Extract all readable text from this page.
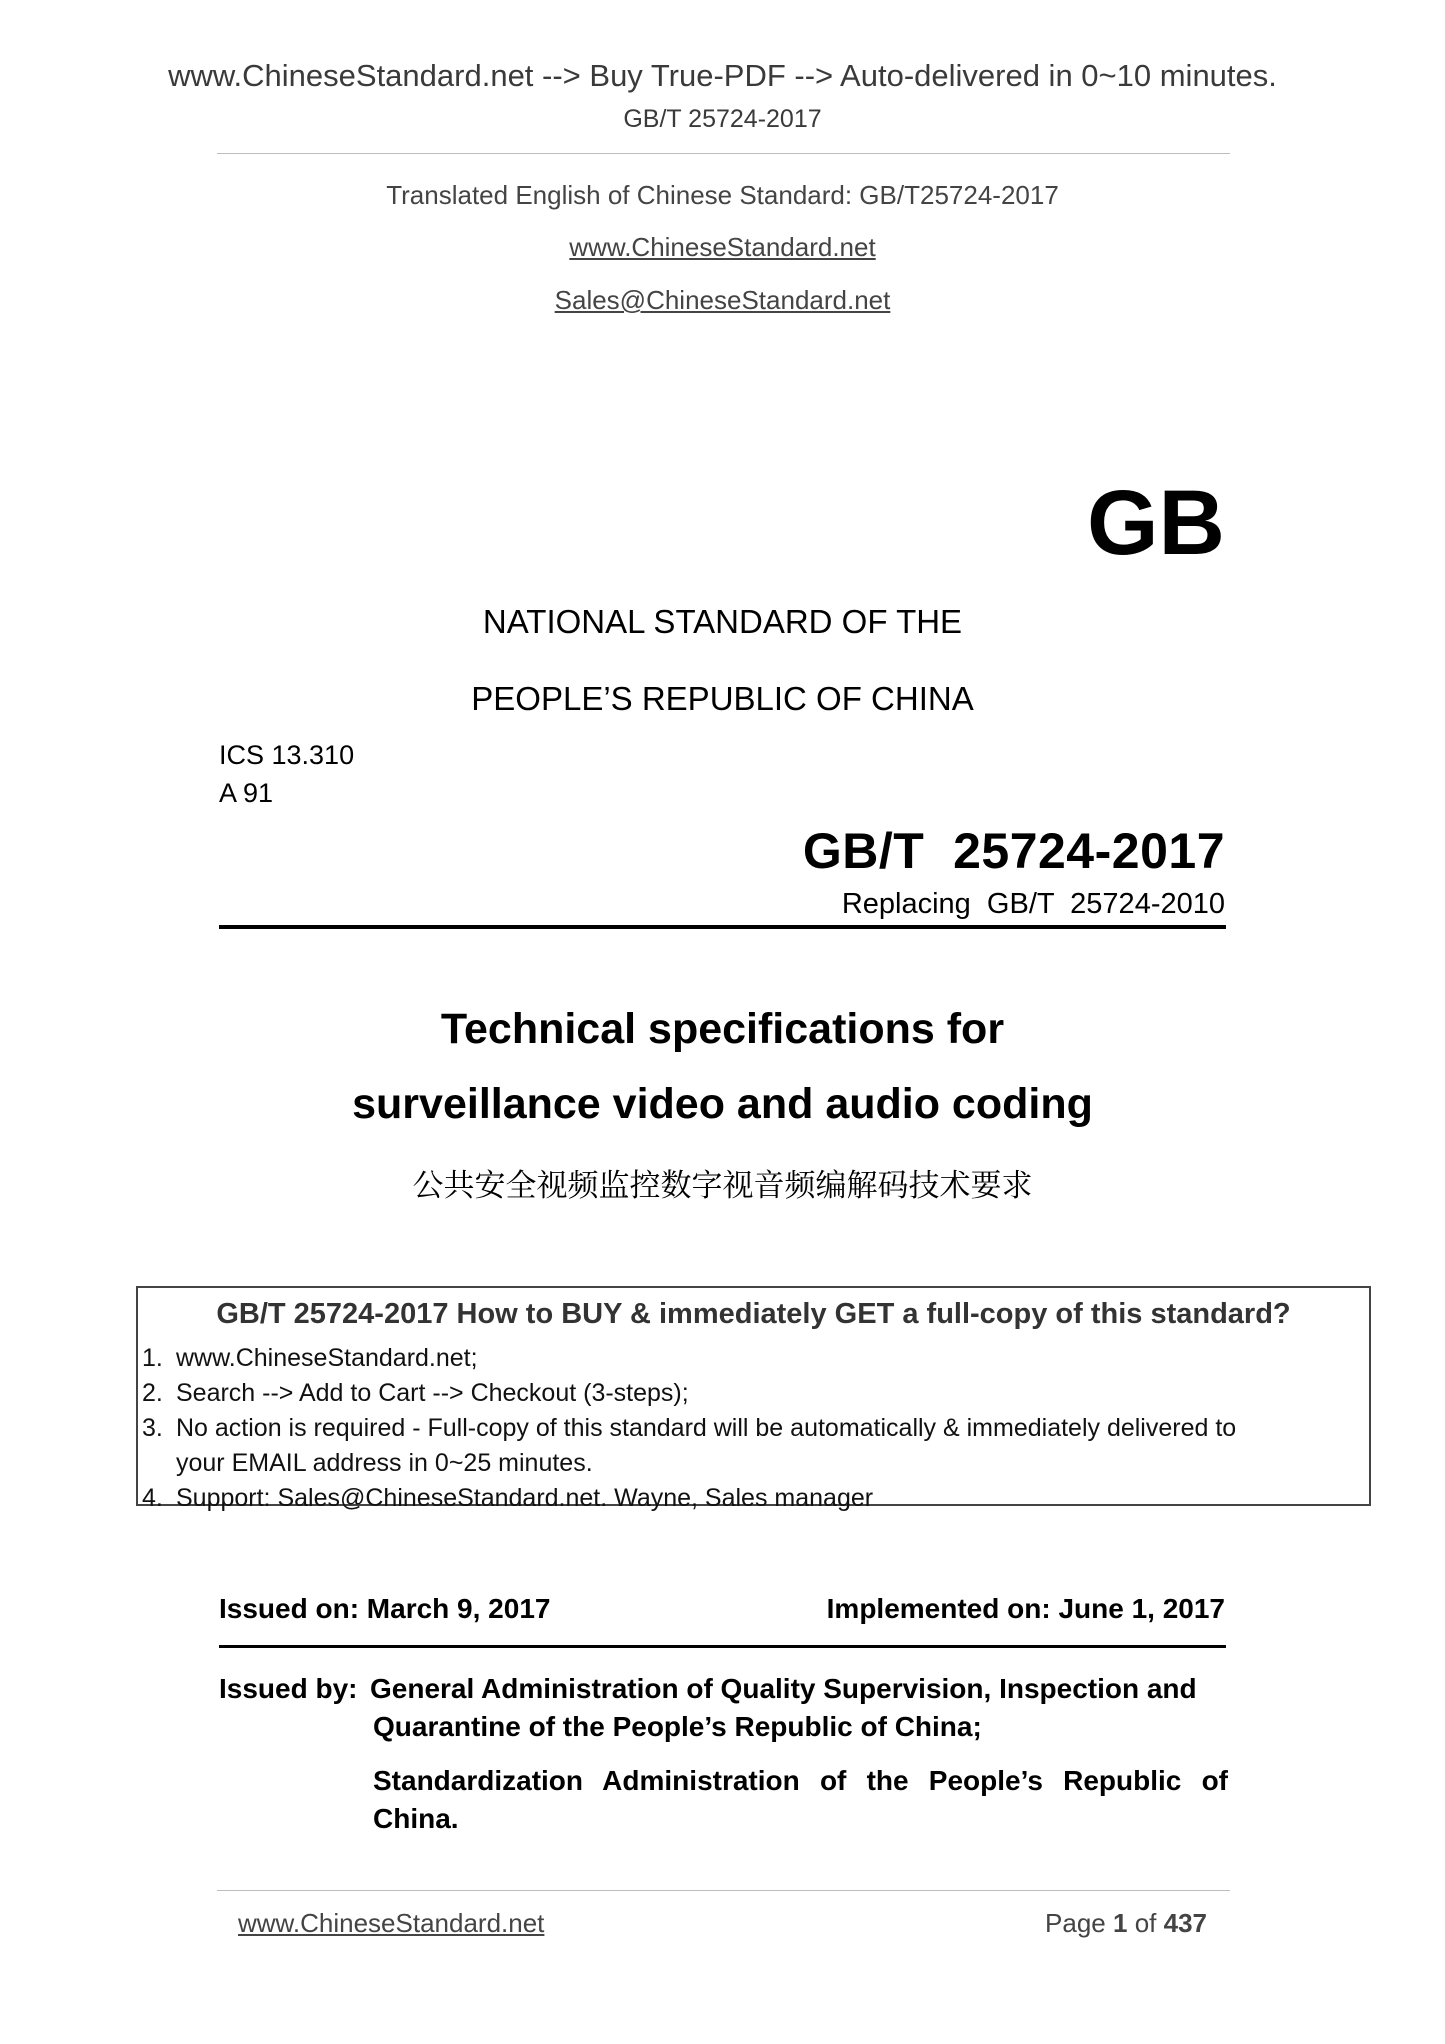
www.ChineseStandard.net --> Buy True-PDF --> Auto-delivered in 0~10 minutes.
GB/T 25724-2017
Translated English of Chinese Standard: GB/T25724-2017
www.ChineseStandard.net
Sales@ChineseStandard.net
GB
NATIONAL STANDARD OF THE
PEOPLE’S REPUBLIC OF CHINA
ICS 13.310
A 91
GB/T  25724-2017
Replacing  GB/T  25724-2010
Technical specifications for
surveillance video and audio coding
公共安全视频监控数字视音频编解码技术要求
GB/T 25724-2017 How to BUY & immediately GET a full-copy of this standard?
1. www.ChineseStandard.net;
2. Search --> Add to Cart --> Checkout (3-steps);
3. No action is required - Full-copy of this standard will be automatically & immediately delivered to
your EMAIL address in 0~25 minutes.
4. Support: Sales@ChineseStandard.net. Wayne, Sales manager
Issued on: March 9, 2017	Implemented on: June 1, 2017
Issued by: General Administration of Quality Supervision, Inspection and
Quarantine of the People’s Republic of China;
Standardization Administration of the People’s Republic of China.
www.ChineseStandard.net	Page 1 of 437
